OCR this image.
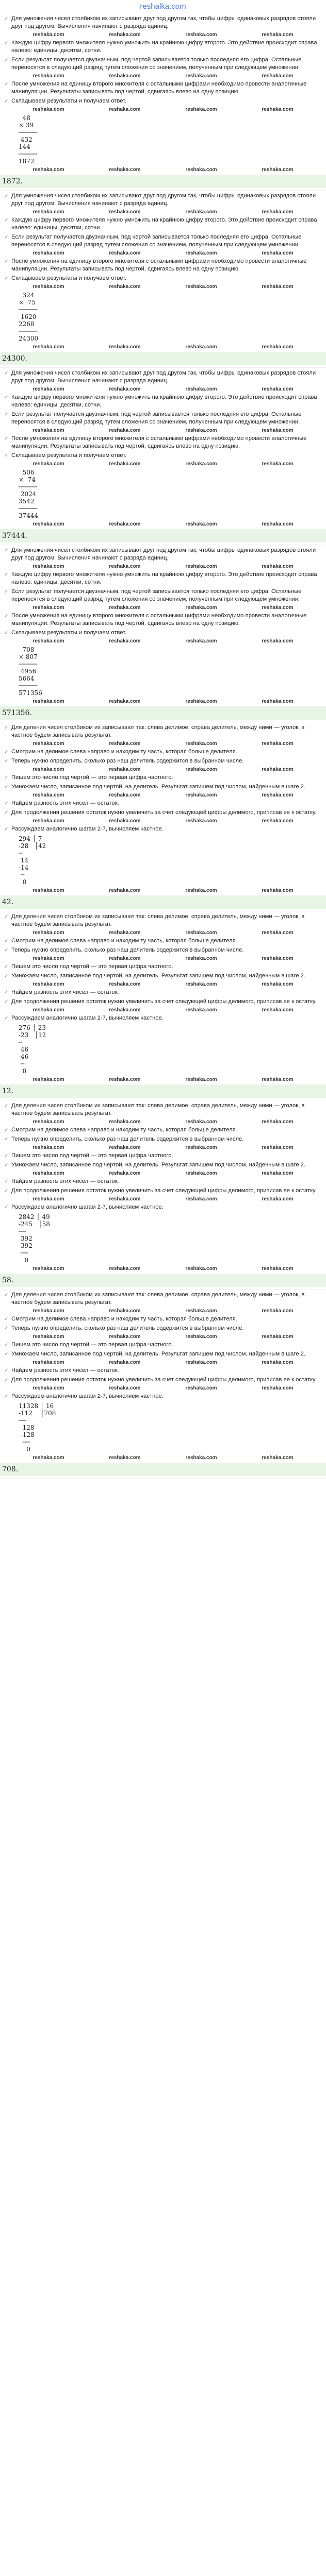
reshalka.com
✓ Для умножения чисел столбиком их записывают друг под другом так, чтобы цифры одинаковых разрядов стояли друг под другом. Вычисления начинают с разряда единиц.
reshaka.com	reshaka.com	reshaka.com	reshaka.com
✓ Каждую цифру первого множителя нужно умножить на крайнюю цифру второго. Это действие происходит справа налево: единицы, десятки, сотни.
✓ Если результат получается двузначным, под чертой записывается только последняя его цифра. Остальные переносятся в следующий разряд путем сложения со значением, полученным при следующем умножении.
reshaka.com	reshaka.com	reshaka.com	reshaka.com
✓ После умножения на единицу второго множителя с остальными цифрами необходимо провести аналогичные манипуляции. Результаты записывать под чертой, сдвигаясь влево на одну позицию.
✓ Складываем результаты и получаем ответ.
reshaka.com	reshaka.com	reshaka.com	reshaka.com
48
× 39
─────
432
144
─────
1872
reshaka.com	reshaka.com	reshaka.com	reshaka.com
1872.
✓ Для умножения чисел столбиком их записывают друг под другом так, чтобы цифры одинаковых разрядов стояли друг под другом. Вычисления начинают с разряда единиц.
reshaka.com	reshaka.com	reshaka.com	reshaka.com
✓ Каждую цифру первого множителя нужно умножить на крайнюю цифру второго. Это действие происходит справа налево: единицы, десятки, сотни.
✓ Если результат получается двузначным, под чертой записывается только последняя его цифра. Остальные переносятся в следующий разряд путем сложения со значением, полученным при следующем умножении.
reshaka.com	reshaka.com	reshaka.com	reshaka.com
✓ После умножения на единицу второго множителя с остальными цифрами необходимо провести аналогичные манипуляции. Результаты записывать под чертой, сдвигаясь влево на одну позицию.
✓ Складываем результаты и получаем ответ.
reshaka.com	reshaka.com	reshaka.com	reshaka.com
324
×  75
─────
1620
2268
─────
24300
reshaka.com	reshaka.com	reshaka.com	reshaka.com
24300.
✓ Для умножения чисел столбиком их записывают друг под другом так, чтобы цифры одинаковых разрядов стояли друг под другом. Вычисления начинают с разряда единиц.
reshaka.com	reshaka.com	reshaka.com	reshaka.com
✓ Каждую цифру первого множителя нужно умножить на крайнюю цифру второго. Это действие происходит справа налево: единицы, десятки, сотни.
✓ Если результат получается двузначным, под чертой записывается только последняя его цифра. Остальные переносятся в следующий разряд путем сложения со значением, полученным при следующем умножении.
reshaka.com	reshaka.com	reshaka.com	reshaka.com
✓ После умножения на единицу второго множителя с остальными цифрами необходимо провести аналогичные манипуляции. Результаты записывать под чертой, сдвигаясь влево на одну позицию.
✓ Складываем результаты и получаем ответ.
reshaka.com	reshaka.com	reshaka.com	reshaka.com
506
×  74
─────
2024
3542
─────
37444
reshaka.com	reshaka.com	reshaka.com	reshaka.com
37444.
✓ Для умножения чисел столбиком их записывают друг под другом так, чтобы цифры одинаковых разрядов стояли друг под другом. Вычисления начинают с разряда единиц.
reshaka.com	reshaka.com	reshaka.com	reshaka.com
✓ Каждую цифру первого множителя нужно умножить на крайнюю цифру второго. Это действие происходит справа налево: единицы, десятки, сотни.
✓ Если результат получается двузначным, под чертой записывается только последняя его цифра. Остальные переносятся в следующий разряд путем сложения со значением, полученным при следующем умножении.
reshaka.com	reshaka.com	reshaka.com	reshaka.com
✓ После умножения на единицу второго множителя с остальными цифрами необходимо провести аналогичные манипуляции. Результаты записывать под чертой, сдвигаясь влево на одну позицию.
✓ Складываем результаты и получаем ответ.
reshaka.com	reshaka.com	reshaka.com	reshaka.com
708
× 807
─────
4956
5664
─────
571356
reshaka.com	reshaka.com	reshaka.com	reshaka.com
571356.
✓ Для деления чисел столбиком их записывают так: слева делимое, справа делитель, между ними — уголок, в частное будем записывать результат.
reshaka.com	reshaka.com	reshaka.com	reshaka.com
✓ Смотрим на делимое слева направо и находим ту часть, которая больше делителя.
✓ Теперь нужно определить, сколько раз наш делитель содержится в выбранном числе.
reshaka.com	reshaka.com	reshaka.com	reshaka.com
✓ Пишем это число под чертой — это первая цифра частного.
✓ Умножаем число, записанное под чертой, на делитель. Результат запишем под числом, найденным в шаге 2.
reshaka.com	reshaka.com	reshaka.com	reshaka.com
✓ Найдем разность этих чисел — остаток.
✓ Для продолжения решения остаток нужно увеличить за счет следующей цифры делимого, приписав ее к остатку.
reshaka.com	reshaka.com	reshaka.com	reshaka.com
✓ Рассуждаем аналогично шагам 2-7, вычисляем частное.
294 │ 7
-28   │42
─
14
-14
─
0
reshaka.com	reshaka.com	reshaka.com	reshaka.com
42.
✓ Для деления чисел столбиком их записывают так: слева делимое, справа делитель, между ними — уголок, в частное будем записывать результат.
reshaka.com	reshaka.com	reshaka.com	reshaka.com
✓ Смотрим на делимое слева направо и находим ту часть, которая больше делителя.
✓ Теперь нужно определить, сколько раз наш делитель содержится в выбранном числе.
reshaka.com	reshaka.com	reshaka.com	reshaka.com
✓ Пишем это число под чертой — это первая цифра частного.
✓ Умножаем число, записанное под чертой, на делитель. Результат запишем под числом, найденным в шаге 2.
reshaka.com	reshaka.com	reshaka.com	reshaka.com
✓ Найдем разность этих чисел — остаток.
✓ Для продолжения решения остаток нужно увеличить за счет следующей цифры делимого, приписав ее к остатку.
reshaka.com	reshaka.com	reshaka.com	reshaka.com
✓ Рассуждаем аналогично шагам 2-7, вычисляем частное.
276 │ 23
-23   │12
─
46
-46
─
0
reshaka.com	reshaka.com	reshaka.com	reshaka.com
12.
✓ Для деления чисел столбиком их записывают так: слева делимое, справа делитель, между ними — уголок, в частное будем записывать результат.
reshaka.com	reshaka.com	reshaka.com	reshaka.com
✓ Смотрим на делимое слева направо и находим ту часть, которая больше делителя.
✓ Теперь нужно определить, сколько раз наш делитель содержится в выбранном числе.
reshaka.com	reshaka.com	reshaka.com	reshaka.com
✓ Пишем это число под чертой — это первая цифра частного.
✓ Умножаем число, записанное под чертой, на делитель. Результат запишем под числом, найденным в шаге 2.
reshaka.com	reshaka.com	reshaka.com	reshaka.com
✓ Найдем разность этих чисел — остаток.
✓ Для продолжения решения остаток нужно увеличить за счет следующей цифры делимого, приписав ее к остатку.
reshaka.com	reshaka.com	reshaka.com	reshaka.com
✓ Рассуждаем аналогично шагам 2-7, вычисляем частное.
2842 │ 49
-245   │58
──
392
-392
──
0
reshaka.com	reshaka.com	reshaka.com	reshaka.com
58.
✓ Для деления чисел столбиком их записывают так: слева делимое, справа делитель, между ними — уголок, в частное будем записывать результат.
reshaka.com	reshaka.com	reshaka.com	reshaka.com
✓ Смотрим на делимое слева направо и находим ту часть, которая больше делителя.
✓ Теперь нужно определить, сколько раз наш делитель содержится в выбранном числе.
reshaka.com	reshaka.com	reshaka.com	reshaka.com
✓ Пишем это число под чертой — это первая цифра частного.
✓ Умножаем число, записанное под чертой, на делитель. Результат запишем под числом, найденным в шаге 2.
reshaka.com	reshaka.com	reshaka.com	reshaka.com
✓ Найдем разность этих чисел — остаток.
✓ Для продолжения решения остаток нужно увеличить за счет следующей цифры делимого, приписав ее к остатку.
reshaka.com	reshaka.com	reshaka.com	reshaka.com
✓ Рассуждаем аналогично шагам 2-7, вычисляем частное.
11328 │ 16
-112    │708
──
128
-128
──
0
reshaka.com	reshaka.com	reshaka.com	reshaka.com
708.
